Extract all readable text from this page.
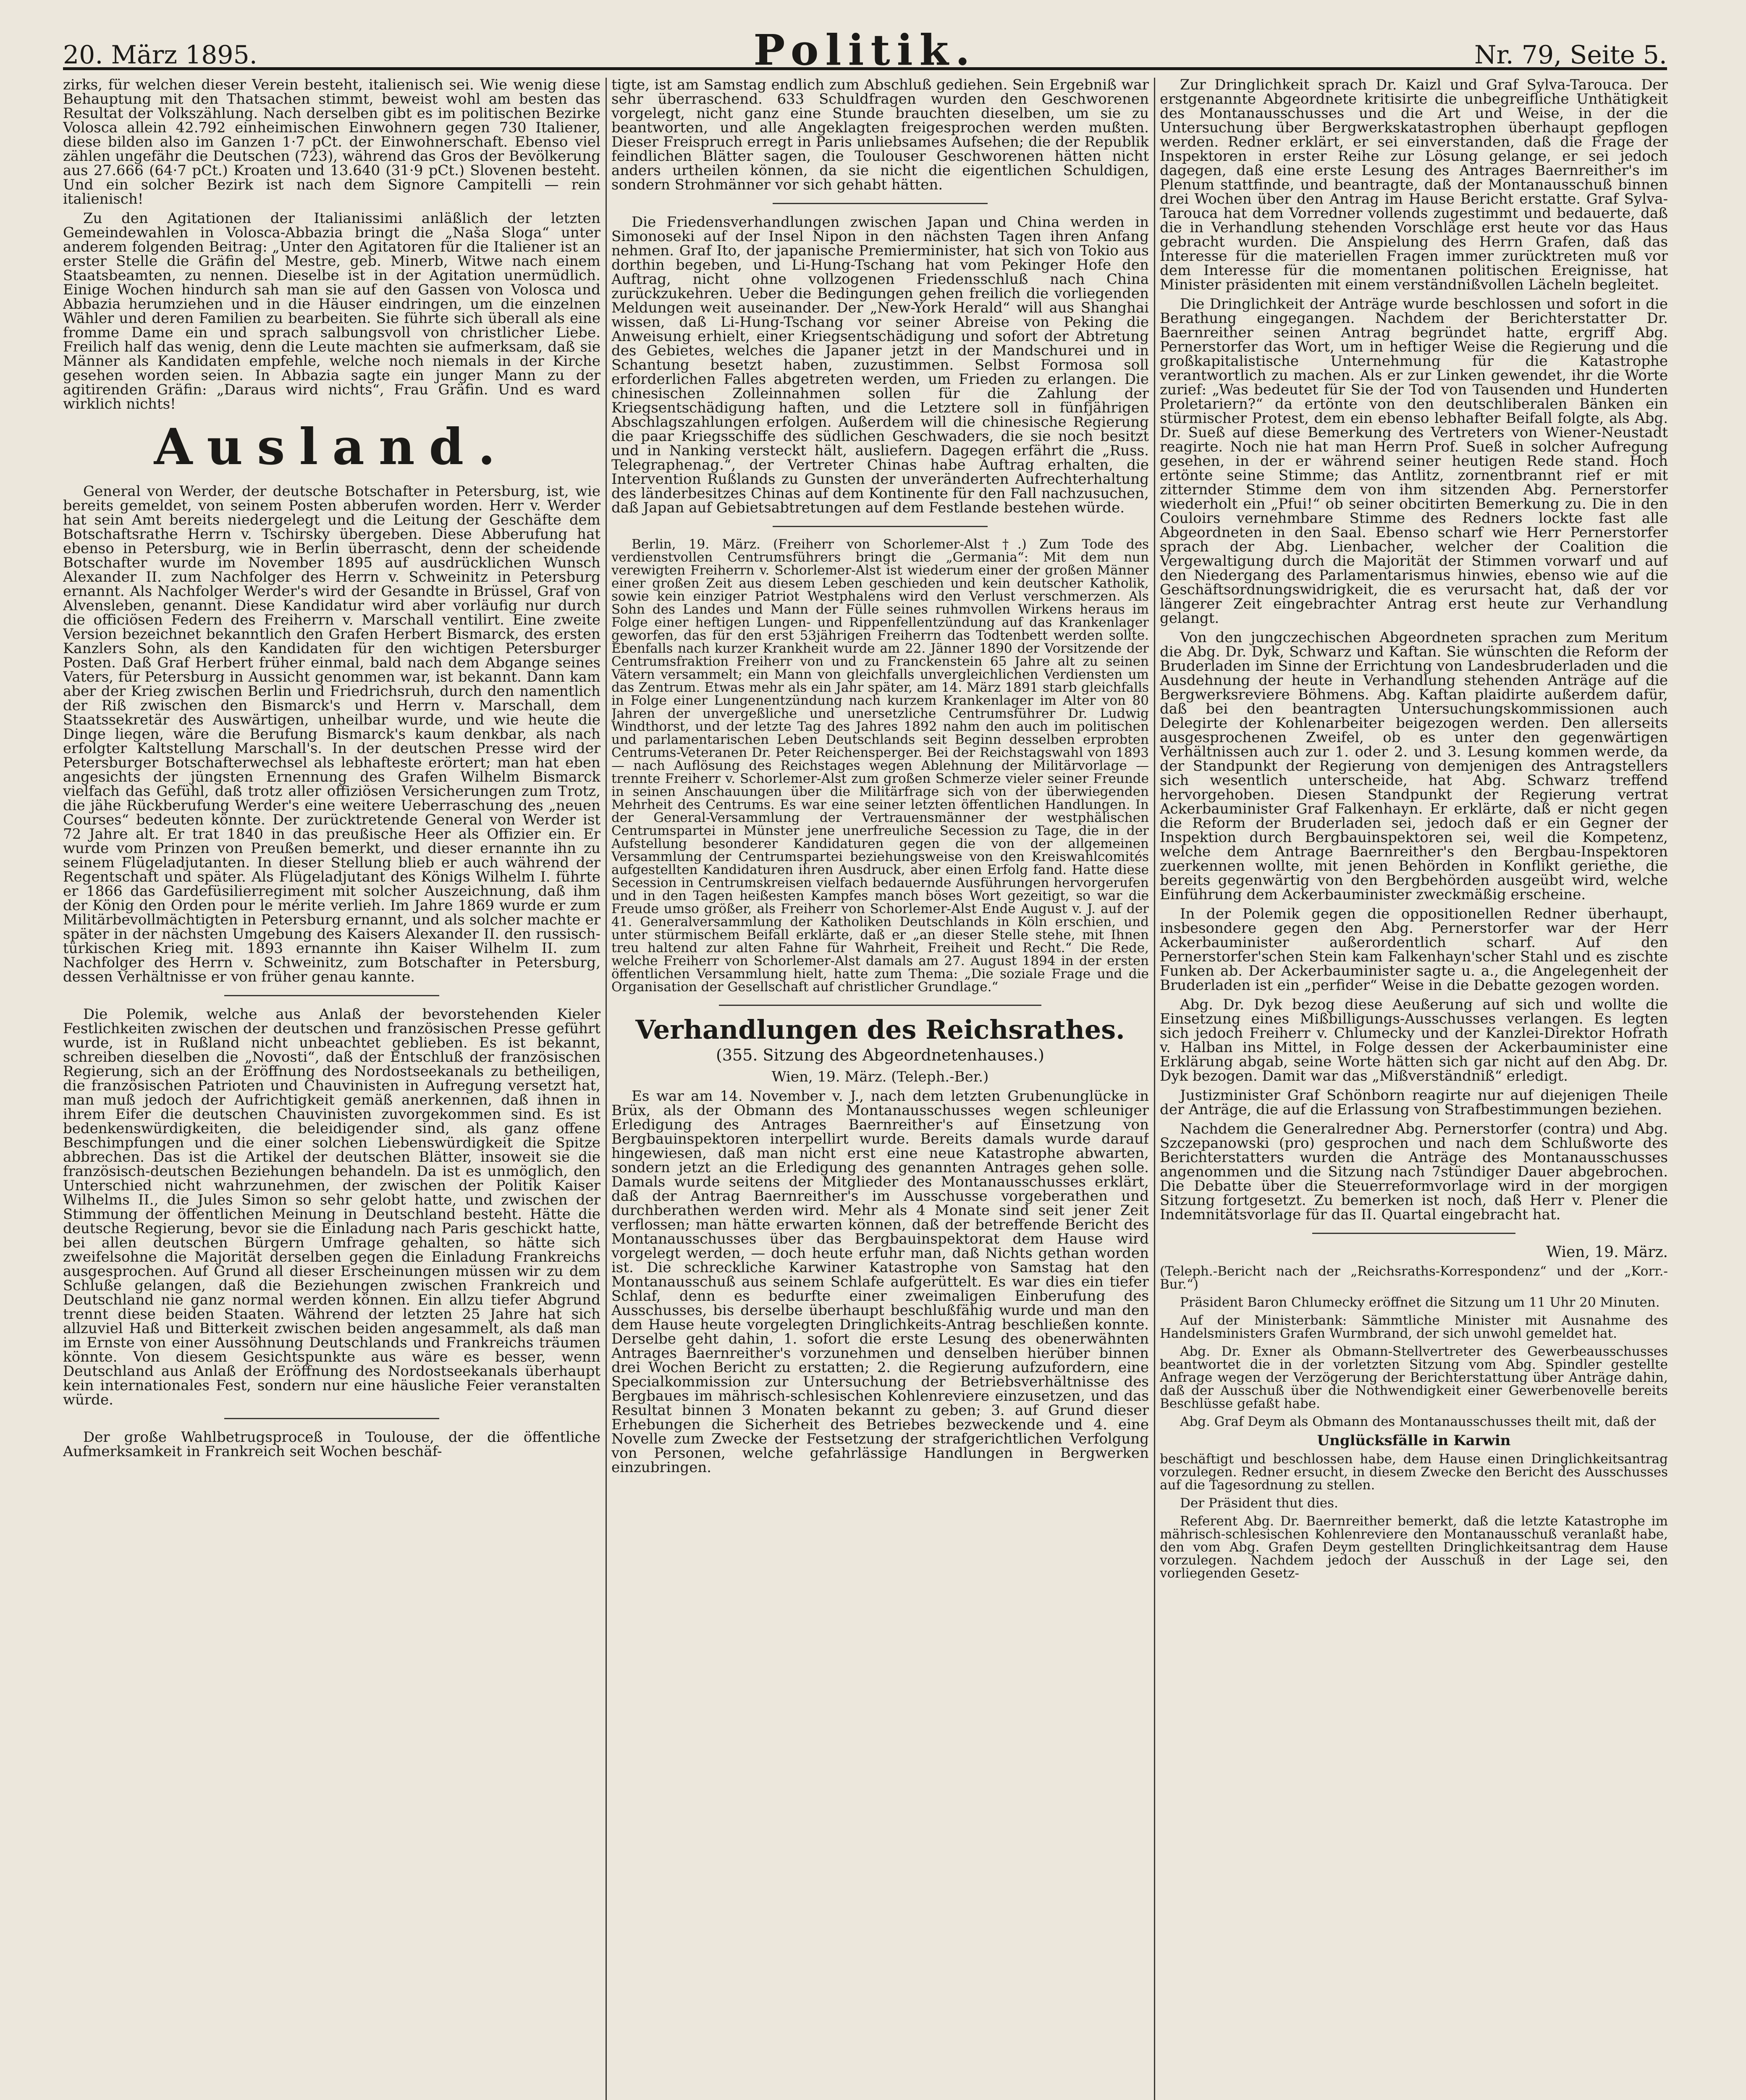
20. März 1895.	Politik.	Nr. 79, Seite 5.

zirks, für welchen dieser Verein besteht, italienisch sei. Wie wenig diese Behauptung mit den Thatsachen stimmt, beweist wohl am besten das Resultat der Volkszählung. Nach derselben gibt es im politischen Bezirke Volosca allein 42.792 einheimischen Einwohnern gegen 730 Italiener, diese bilden also im Ganzen 1·7 pCt. der Einwohnerschaft. Ebenso viel zählen ungefähr die Deutschen (723), während das Gros der Bevölkerung aus 27.666 (64·7 pCt.) Kroaten und 13.640 (31·9 pCt.) Slovenen besteht. Und ein solcher Bezirk ist nach dem Signore Campitelli — rein italienisch!

Zu den Agitationen der Italianissimi anläßlich der letzten Gemeindewahlen in Volosca-Abbazia bringt die „Naša Sloga“ unter anderem folgenden Beitrag: „Unter den Agitatoren für die Italiener ist an erster Stelle die Gräfin del Mestre, geb. Minerb, Witwe nach einem Staatsbeamten, zu nennen. Dieselbe ist in der Agitation unermüdlich. Einige Wochen hindurch sah man sie auf den Gassen von Volosca und Abbazia herumziehen und in die Häuser eindringen, um die einzelnen Wähler und deren Familien zu bearbeiten. Sie führte sich überall als eine fromme Dame ein und sprach salbungsvoll von christlicher Liebe. Freilich half das wenig, denn die Leute machten sie aufmerksam, daß sie Männer als Kandidaten empfehle, welche noch niemals in der Kirche gesehen worden seien. In Abbazia sagte ein junger Mann zu der agitirenden Gräfin: „Daraus wird nichts“, Frau Gräfin. Und es ward wirklich nichts!

Ausland.

General von Werder, der deutsche Botschafter in Petersburg, ist, wie bereits gemeldet, von seinem Posten abberufen worden. Herr v. Werder hat sein Amt bereits niedergelegt und die Leitung der Geschäfte dem Botschaftsrathe Herrn v. Tschirsky übergeben. Diese Abberufung hat ebenso in Petersburg, wie in Berlin überrascht, denn der scheidende Botschafter wurde im November 1895 auf ausdrücklichen Wunsch Alexander II. zum Nachfolger des Herrn v. Schweinitz in Petersburg ernannt. Als Nachfolger Werder's wird der Gesandte in Brüssel, Graf von Alvensleben, genannt. Diese Kandidatur wird aber vorläufig nur durch die officiösen Federn des Freiherrn v. Marschall ventilirt. Eine zweite Version bezeichnet bekanntlich den Grafen Herbert Bismarck, des ersten Kanzlers Sohn, als den Kandidaten für den wichtigen Petersburger Posten. Daß Graf Herbert früher einmal, bald nach dem Abgange seines Vaters, für Petersburg in Aussicht genommen war, ist bekannt. Dann kam aber der Krieg zwischen Berlin und Friedrichsruh, durch den namentlich der Riß zwischen den Bismarck's und Herrn v. Marschall, dem Staatssekretär des Auswärtigen, unheilbar wurde, und wie heute die Dinge liegen, wäre die Berufung Bismarck's kaum denkbar, als nach erfolgter Kaltstellung Marschall's. In der deutschen Presse wird der Petersburger Botschafterwechsel als lebhafteste erörtert; man hat eben angesichts der jüngsten Ernennung des Grafen Wilhelm Bismarck vielfach das Gefühl, daß trotz aller offiziösen Versicherungen zum Trotz, die jähe Rückberufung Werder's eine weitere Ueberraschung des „neuen Courses“ bedeuten könnte. Der zurücktretende General von Werder ist 72 Jahre alt. Er trat 1840 in das preußische Heer als Offizier ein. Er wurde vom Prinzen von Preußen bemerkt, und dieser ernannte ihn zu seinem Flügeladjutanten. In dieser Stellung blieb er auch während der Regentschaft und später. Als Flügeladjutant des Königs Wilhelm I. führte er 1866 das Gardefüsilierregiment mit solcher Auszeichnung, daß ihm der König den Orden pour le mérite verlieh. Im Jahre 1869 wurde er zum Militärbevollmächtigten in Petersburg ernannt, und als solcher machte er später in der nächsten Umgebung des Kaisers Alexander II. den russisch-türkischen Krieg mit. 1893 ernannte ihn Kaiser Wilhelm II. zum Nachfolger des Herrn v. Schweinitz, zum Botschafter in Petersburg, dessen Verhältnisse er von früher genau kannte.

Die Polemik, welche aus Anlaß der bevorstehenden Kieler Festlichkeiten zwischen der deutschen und französischen Presse geführt wurde, ist in Rußland nicht unbeachtet geblieben. Es ist bekannt, schreiben dieselben die „Novosti“, daß der Entschluß der französischen Regierung, sich an der Eröffnung des Nordostseekanals zu betheiligen, die französischen Patrioten und Chauvinisten in Aufregung versetzt hat, man muß jedoch der Aufrichtigkeit gemäß anerkennen, daß ihnen in ihrem Eifer die deutschen Chauvinisten zuvorgekommen sind. Es ist bedenkenswürdigkeiten, die beleidigender sind, als ganz offene Beschimpfungen und die einer solchen Liebenswürdigkeit die Spitze abbrechen. Das ist die Artikel der deutschen Blätter, insoweit sie die französisch-deutschen Beziehungen behandeln. Da ist es unmöglich, den Unterschied nicht wahrzunehmen, der zwischen der Politik Kaiser Wilhelms II., die Jules Simon so sehr gelobt hatte, und zwischen der Stimmung der öffentlichen Meinung in Deutschland besteht. Hätte die deutsche Regierung, bevor sie die Einladung nach Paris geschickt hatte, bei allen deutschen Bürgern Umfrage gehalten, so hätte sich zweifelsohne die Majorität derselben gegen die Einladung Frankreichs ausgesprochen. Auf Grund all dieser Erscheinungen müssen wir zu dem Schluße gelangen, daß die Beziehungen zwischen Frankreich und Deutschland nie ganz normal werden können. Ein allzu tiefer Abgrund trennt diese beiden Staaten. Während der letzten 25 Jahre hat sich allzuviel Haß und Bitterkeit zwischen beiden angesammelt, als daß man im Ernste von einer Aussöhnung Deutschlands und Frankreichs träumen könnte. Von diesem Gesichtspunkte aus wäre es besser, wenn Deutschland aus Anlaß der Eröffnung des Nordostseekanals überhaupt kein internationales Fest, sondern nur eine häusliche Feier veranstalten würde.

Der große Wahlbetrugsproceß in Toulouse, der die öffentliche Aufmerksamkeit in Frankreich seit Wochen beschäf-

tigte, ist am Samstag endlich zum Abschluß gediehen. Sein Ergebniß war sehr überraschend. 633 Schuldfragen wurden den Geschworenen vorgelegt, nicht ganz eine Stunde brauchten dieselben, um sie zu beantworten, und alle Angeklagten freigesprochen werden mußten. Dieser Freispruch erregt in Paris unliebsames Aufsehen; die der Republik feindlichen Blätter sagen, die Toulouser Geschworenen hätten nicht anders urtheilen können, da sie nicht die eigentlichen Schuldigen, sondern Strohmänner vor sich gehabt hätten.

Die Friedensverhandlungen zwischen Japan und China werden in Simonoseki auf der Insel Nipon in den nächsten Tagen ihren Anfang nehmen. Graf Ito, der japanische Premierminister, hat sich von Tokio aus dorthin begeben, und Li-Hung-Tschang hat vom Pekinger Hofe den Auftrag, nicht ohne vollzogenen Friedensschluß nach China zurückzukehren. Ueber die Bedingungen gehen freilich die vorliegenden Meldungen weit auseinander. Der „New-York Herald“ will aus Shanghai wissen, daß Li-Hung-Tschang vor seiner Abreise von Peking die Anweisung erhielt, einer Kriegsentschädigung und sofort der Abtretung des Gebietes, welches die Japaner jetzt in der Mandschurei und in Schantung besetzt haben, zuzustimmen. Selbst Formosa soll erforderlichen Falles abgetreten werden, um Frieden zu erlangen. Die chinesischen Zolleinnahmen sollen für die Zahlung der Kriegsentschädigung haften, und die Letztere soll in fünfjährigen Abschlagszahlungen erfolgen. Außerdem will die chinesische Regierung die paar Kriegsschiffe des südlichen Geschwaders, die sie noch besitzt und in Nanking versteckt hält, ausliefern. Dagegen erfährt die „Russ. Telegraphenag.“, der Vertreter Chinas habe Auftrag erhalten, die Intervention Rußlands zu Gunsten der unveränderten Aufrechterhaltung des länderbesitzes Chinas auf dem Kontinente für den Fall nachzusuchen, daß Japan auf Gebietsabtretungen auf dem Festlande bestehen würde.

Berlin, 19. März. (Freiherr von Schorlemer-Alst †.) Zum Tode des verdienstvollen Centrumsführers bringt die „Germania“: Mit dem nun verewigten Freiherrn v. Schorlemer-Alst ist wiederum einer der großen Männer einer großen Zeit aus diesem Leben geschieden und kein deutscher Katholik, sowie kein einziger Patriot Westphalens wird den Verlust verschmerzen. Als Sohn des Landes und Mann der Fülle seines ruhmvollen Wirkens heraus im Folge einer heftigen Lungen- und Rippenfellentzündung auf das Krankenlager geworfen, das für den erst 53jährigen Freiherrn das Todtenbett werden sollte. Ebenfalls nach kurzer Krankheit wurde am 22. Jänner 1890 der Vorsitzende der Centrumsfraktion Freiherr von und zu Franckenstein 65 Jahre alt zu seinen Vätern versammelt; ein Mann von gleichfalls unvergleichlichen Verdiensten um das Zentrum. Etwas mehr als ein Jahr später, am 14. März 1891 starb gleichfalls in Folge einer Lungenentzündung nach kurzem Krankenlager im Alter von 80 Jahren der unvergeßliche und unersetzliche Centrumsführer Dr. Ludwig Windthorst, und der letzte Tag des Jahres 1892 nahm den auch im politischen und parlamentarischen Leben Deutschlands seit Beginn desselben erprobten Centrums-Veteranen Dr. Peter Reichensperger. Bei der Reichstagswahl von 1893 — nach Auflösung des Reichstages wegen Ablehnung der Militärvorlage — trennte Freiherr v. Schorlemer-Alst zum großen Schmerze vieler seiner Freunde in seinen Anschauungen über die Militärfrage sich von der überwiegenden Mehrheit des Centrums. Es war eine seiner letzten öffentlichen Handlungen. In der General-Versammlung der Vertrauensmänner der westphälischen Centrumspartei in Münster jene unerfreuliche Secession zu Tage, die in der Aufstellung besonderer Kandidaturen gegen die von der allgemeinen Versammlung der Centrumspartei beziehungsweise von den Kreiswahlcomités aufgestellten Kandidaturen ihren Ausdruck, aber einen Erfolg fand. Hatte diese Secession in Centrumskreisen vielfach bedauernde Ausführungen hervorgerufen und in den Tagen heißesten Kampfes manch böses Wort gezeitigt, so war die Freude umso größer, als Freiherr von Schorlemer-Alst Ende August v. J. auf der 41. Generalversammlung der Katholiken Deutschlands in Köln erschien, und unter stürmischem Beifall erklärte, daß er „an dieser Stelle stehe, mit Ihnen treu haltend zur alten Fahne für Wahrheit, Freiheit und Recht.“ Die Rede, welche Freiherr von Schorlemer-Alst damals am 27. August 1894 in der ersten öffentlichen Versammlung hielt, hatte zum Thema: „Die soziale Frage und die Organisation der Gesellschaft auf christlicher Grundlage.“

Verhandlungen des Reichsrathes.
(355. Sitzung des Abgeordnetenhauses.)

Wien, 19. März. (Teleph.-Ber.)

Es war am 14. November v. J., nach dem letzten Grubenunglücke in Brüx, als der Obmann des Montanausschusses wegen schleuniger Erledigung des Antrages Baernreither's auf Einsetzung von Bergbauinspektoren interpellirt wurde. Bereits damals wurde darauf hingewiesen, daß man nicht erst eine neue Katastrophe abwarten, sondern jetzt an die Erledigung des genannten Antrages gehen solle. Damals wurde seitens der Mitglieder des Montanausschusses erklärt, daß der Antrag Baernreither's im Ausschusse vorgeberathen und durchberathen werden wird. Mehr als 4 Monate sind seit jener Zeit verflossen; man hätte erwarten können, daß der betreffende Bericht des Montanausschusses über das Bergbauinspektorat dem Hause wird vorgelegt werden, — doch heute erfuhr man, daß Nichts gethan worden ist. Die schreckliche Karwiner Katastrophe von Samstag hat den Montanausschuß aus seinem Schlafe aufgerüttelt. Es war dies ein tiefer Schlaf, denn es bedurfte einer zweimaligen Einberufung des Ausschusses, bis derselbe überhaupt beschlußfähig wurde und man den dem Hause heute vorgelegten Dringlichkeits-Antrag beschließen konnte. Derselbe geht dahin, 1. sofort die erste Lesung des obenerwähnten Antrages Baernreither's vorzunehmen und denselben hierüber binnen drei Wochen Bericht zu erstatten; 2. die Regierung aufzufordern, eine Specialkommission zur Untersuchung der Betriebsverhältnisse des Bergbaues im mährisch-schlesischen Kohlenreviere einzusetzen, und das Resultat binnen 3 Monaten bekannt zu geben; 3. auf Grund dieser Erhebungen die Sicherheit des Betriebes bezweckende und 4. eine Novelle zum Zwecke der Festsetzung der strafgerichtlichen Verfolgung von Personen, welche gefahrlässige Handlungen in Bergwerken einzubringen.

Zur Dringlichkeit sprach Dr. Kaizl und Graf Sylva-Tarouca. Der erstgenannte Abgeordnete kritisirte die unbegreifliche Unthätigkeit des Montanausschusses und die Art und Weise, in der die Untersuchung über Bergwerkskatastrophen überhaupt gepflogen werden. Redner erklärt, er sei einverstanden, daß die Frage der Inspektoren in erster Reihe zur Lösung gelange, er sei jedoch dagegen, daß eine erste Lesung des Antrages Baernreither's im Plenum stattfinde, und beantragte, daß der Montanausschuß binnen drei Wochen über den Antrag im Hause Bericht erstatte. Graf Sylva-Tarouca hat dem Vorredner vollends zugestimmt und bedauerte, daß die in Verhandlung stehenden Vorschläge erst heute vor das Haus gebracht wurden. Die Anspielung des Herrn Grafen, daß das Interesse für die materiellen Fragen immer zurücktreten muß vor dem Interesse für die momentanen politischen Ereignisse, hat Minister präsidenten mit einem verständnißvollen Lächeln begleitet.

Die Dringlichkeit der Anträge wurde beschlossen und sofort in die Berathung eingegangen. Nachdem der Berichterstatter Dr. Baernreither seinen Antrag begründet hatte, ergriff Abg. Pernerstorfer das Wort, um in heftiger Weise die Regierung und die großkapitalistische Unternehmung für die Katastrophe verantwortlich zu machen. Als er zur Linken gewendet, ihr die Worte zurief: „Was bedeutet für Sie der Tod von Tausenden und Hunderten Proletariern?“ da ertönte von den deutschliberalen Bänken ein stürmischer Protest, dem ein ebenso lebhafter Beifall folgte, als Abg. Dr. Sueß auf diese Bemerkung des Vertreters von Wiener-Neustadt reagirte. Noch nie hat man Herrn Prof. Sueß in solcher Aufregung gesehen, in der er während seiner heutigen Rede stand. Hoch ertönte seine Stimme; das Antlitz, zornentbrannt rief er mit zitternder Stimme dem von ihm sitzenden Abg. Pernerstorfer wiederholt ein „Pfui!“ ob seiner obcitirten Bemerkung zu. Die in den Couloirs vernehmbare Stimme des Redners lockte fast alle Abgeordneten in den Saal. Ebenso scharf wie Herr Pernerstorfer sprach der Abg. Lienbacher, welcher der Coalition die Vergewaltigung durch die Majorität der Stimmen vorwarf und auf den Niedergang des Parlamentarismus hinwies, ebenso wie auf die Geschäftsordnungswidrigkeit, die es verursacht hat, daß der vor längerer Zeit eingebrachter Antrag erst heute zur Verhandlung gelangt.

Von den jungczechischen Abgeordneten sprachen zum Meritum die Abg. Dr. Dyk, Schwarz und Kaftan. Sie wünschten die Reform der Bruderladen im Sinne der Errichtung von Landesbruderladen und die Ausdehnung der heute in Verhandlung stehenden Anträge auf die Bergwerksreviere Böhmens. Abg. Kaftan plaidirte außerdem dafür, daß bei den beantragten Untersuchungskommissionen auch Delegirte der Kohlenarbeiter beigezogen werden. Den allerseits ausgesprochenen Zweifel, ob es unter den gegenwärtigen Verhältnissen auch zur 1. oder 2. und 3. Lesung kommen werde, da der Standpunkt der Regierung von demjenigen des Antragstellers sich wesentlich unterscheide, hat Abg. Schwarz treffend hervorgehoben. Diesen Standpunkt der Regierung vertrat Ackerbauminister Graf Falkenhayn. Er erklärte, daß er nicht gegen die Reform der Bruderladen sei, jedoch daß er ein Gegner der Inspektion durch Bergbauinspektoren sei, weil die Kompetenz, welche dem Antrage Baernreither's den Bergbau-Inspektoren zuerkennen wollte, mit jenen Behörden in Konflikt geriethe, die bereits gegenwärtig von den Bergbehörden ausgeübt wird, welche Einführung dem Ackerbauminister zweckmäßig erscheine.

In der Polemik gegen die oppositionellen Redner überhaupt, insbesondere gegen den Abg. Pernerstorfer war der Herr Ackerbauminister außerordentlich scharf. Auf den Pernerstorfer'schen Stein kam Falkenhayn'scher Stahl und es zischte Funken ab. Der Ackerbauminister sagte u. a., die Angelegenheit der Bruderladen ist ein „perfider“ Weise in die Debatte gezogen worden.

Abg. Dr. Dyk bezog diese Aeußerung auf sich und wollte die Einsetzung eines Mißbilligungs-Ausschusses verlangen. Es legten sich jedoch Freiherr v. Chlumecky und der Kanzlei-Direktor Hofrath v. Halban ins Mittel, in Folge dessen der Ackerbauminister eine Erklärung abgab, seine Worte hätten sich gar nicht auf den Abg. Dr. Dyk bezogen. Damit war das „Mißverständniß“ erledigt.

Justizminister Graf Schönborn reagirte nur auf diejenigen Theile der Anträge, die auf die Erlassung von Strafbestimmungen beziehen.

Nachdem die Generalredner Abg. Pernerstorfer (contra) und Abg. Szczepanowski (pro) gesprochen und nach dem Schlußworte des Berichterstatters wurden die Anträge des Montanausschusses angenommen und die Sitzung nach 7stündiger Dauer abgebrochen. Die Debatte über die Steuerreformvorlage wird in der morgigen Sitzung fortgesetzt. Zu bemerken ist noch, daß Herr v. Plener die Indemnitätsvorlage für das II. Quartal eingebracht hat.

Wien, 19. März.

(Teleph.-Bericht nach der „Reichsraths-Korrespondenz“ und der „Korr.-Bur.“)

Präsident Baron Chlumecky eröffnet die Sitzung um 11 Uhr 20 Minuten.

Auf der Ministerbank: Sämmtliche Minister mit Ausnahme des Handelsministers Grafen Wurmbrand, der sich unwohl gemeldet hat.

Abg. Dr. Exner als Obmann-Stellvertreter des Gewerbeausschusses beantwortet die in der vorletzten Sitzung vom Abg. Spindler gestellte Anfrage wegen der Verzögerung der Berichterstattung über Anträge dahin, daß der Ausschuß über die Nothwendigkeit einer Gewerbenovelle bereits Beschlüsse gefaßt habe.

Abg. Graf Deym als Obmann des Montanausschusses theilt mit, daß der

Unglücksfälle in Karwin

beschäftigt und beschlossen habe, dem Hause einen Dringlichkeitsantrag vorzulegen. Redner ersucht, in diesem Zwecke den Bericht des Ausschusses auf die Tagesordnung zu stellen.

Der Präsident thut dies.

Referent Abg. Dr. Baernreither bemerkt, daß die letzte Katastrophe im mährisch-schlesischen Kohlenreviere den Montanausschuß veranlaßt habe, den vom Abg. Grafen Deym gestellten Dringlichkeitsantrag dem Hause vorzulegen. Nachdem jedoch der Ausschuß in der Lage sei, den vorliegenden Gesetz-
